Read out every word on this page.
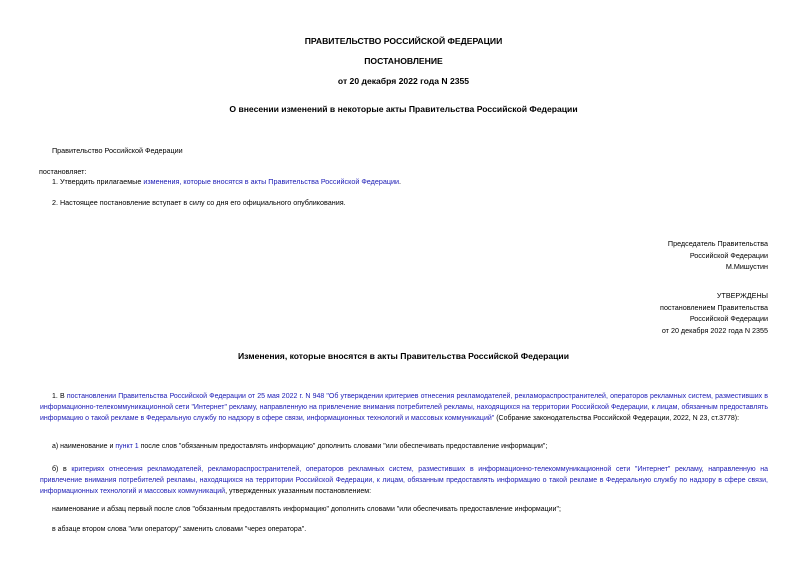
ПРАВИТЕЛЬСТВО РОССИЙСКОЙ ФЕДЕРАЦИИ
ПОСТАНОВЛЕНИЕ
от 20 декабря 2022 года N 2355
О внесении изменений в некоторые акты Правительства Российской Федерации
Правительство Российской Федерации
постановляет:
1. Утвердить прилагаемые изменения, которые вносятся в акты Правительства Российской Федерации.
2. Настоящее постановление вступает в силу со дня его официального опубликования.
Председатель Правительства
Российской Федерации
М.Мишустин
УТВЕРЖДЕНЫ
постановлением Правительства
Российской Федерации
от 20 декабря 2022 года N 2355
Изменения, которые вносятся в акты Правительства Российской Федерации
1. В постановлении Правительства Российской Федерации от 25 мая 2022 г. N 948 "Об утверждении критериев отнесения рекламодателей, рекламораспространителей, операторов рекламных систем, разместивших в информационно-телекоммуникационной сети "Интернет" рекламу, направленную на привлечение внимания потребителей рекламы, находящихся на территории Российской Федерации, к лицам, обязанным предоставлять информацию о такой рекламе в Федеральную службу по надзору в сфере связи, информационных технологий и массовых коммуникаций" (Собрание законодательства Российской Федерации, 2022, N 23, ст.3778):
а) наименование и пункт 1 после слов "обязанным предоставлять информацию" дополнить словами "или обеспечивать предоставление информации";
б) в критериях отнесения рекламодателей, рекламораспространителей, операторов рекламных систем, разместивших в информационно-телекоммуникационной сети "Интернет" рекламу, направленную на привлечение внимания потребителей рекламы, находящихся на территории Российской Федерации, к лицам, обязанным предоставлять информацию о такой рекламе в Федеральную службу по надзору в сфере связи, информационных технологий и массовых коммуникаций, утвержденных указанным постановлением:
наименование и абзац первый после слов "обязанным предоставлять информацию" дополнить словами "или обеспечивать предоставление информации";
в абзаце втором слова "или оператору" заменить словами "через оператора".
